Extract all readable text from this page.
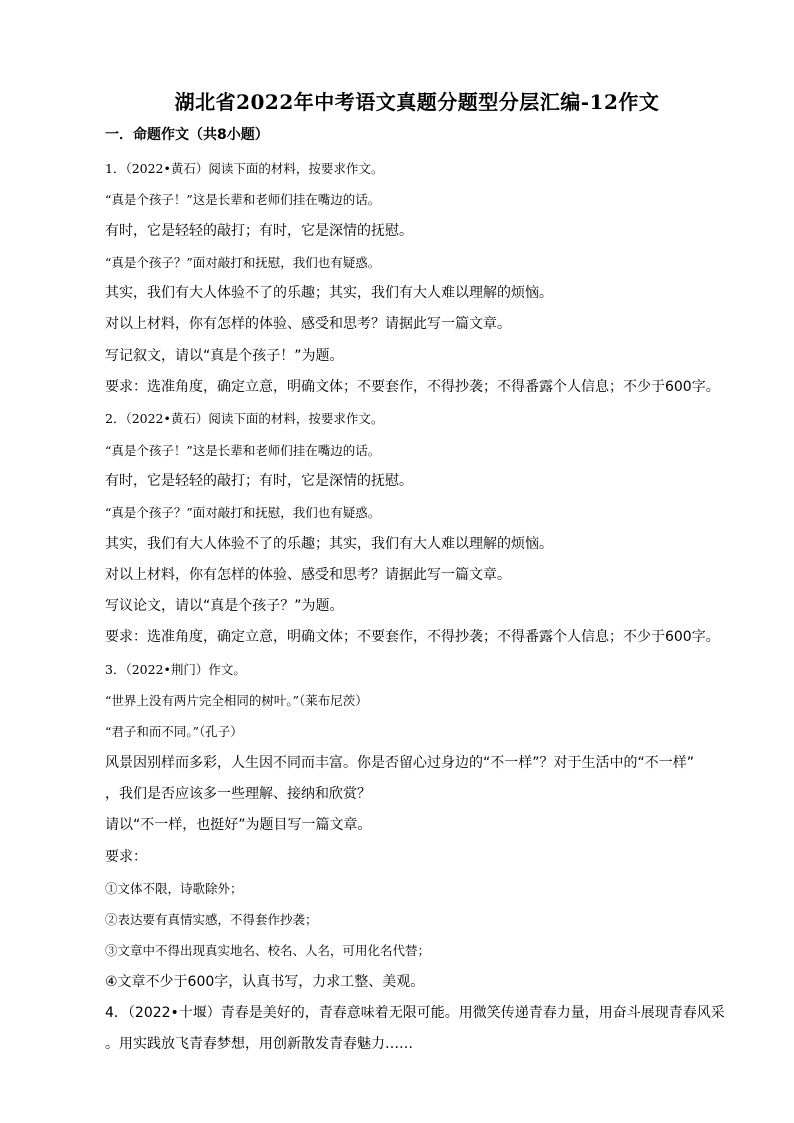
湖北省2022年中考语文真题分题型分层汇编-12作文
一．命题作文（共8小题）
1．（2022•黄石）阅读下面的材料，按要求作文。
“真是个孩子！”这是长辈和老师们挂在嘴边的话。
有时，它是轻轻的敲打；有时，它是深情的抚慰。
“真是个孩子？”面对敲打和抚慰，我们也有疑惑。
其实，我们有大人体验不了的乐趣；其实，我们有大人难以理解的烦恼。
对以上材料，你有怎样的体验、感受和思考？请据此写一篇文章。
写记叙文，请以“真是个孩子！”为题。
要求：选准角度，确定立意，明确文体；不要套作，不得抄袭；不得番露个人信息；不少于600字。
2．（2022•黄石）阅读下面的材料，按要求作文。
“真是个孩子！”这是长辈和老师们挂在嘴边的话。
有时，它是轻轻的敲打；有时，它是深情的抚慰。
“真是个孩子？”面对敲打和抚慰，我们也有疑惑。
其实，我们有大人体验不了的乐趣；其实，我们有大人难以理解的烦恼。
对以上材料，你有怎样的体验、感受和思考？请据此写一篇文章。
写议论文，请以“真是个孩子？”为题。
要求：选准角度，确定立意，明确文体；不要套作，不得抄袭；不得番露个人信息；不少于600字。
3．（2022•荆门）作文。
“世界上没有两片完全相同的树叶。”（莱布尼茨）
“君子和而不同。”（孔子）
风景因别样而多彩，人生因不同而丰富。你是否留心过身边的“不一样”？对于生活中的“不一样”
，我们是否应该多一些理解、接纳和欣赏？
请以“不一样，也挺好”为题目写一篇文章。
要求：
①文体不限，诗歌除外；
②表达要有真情实感，不得套作抄袭；
③文章中不得出现真实地名、校名、人名，可用化名代替；
④文章不少于600字，认真书写，力求工整、美观。
4．（2022•十堰）青春是美好的，青春意味着无限可能。用微笑传递青春力量，用奋斗展现青春风采
。用实践放飞青春梦想，用创新散发青春魅力……
